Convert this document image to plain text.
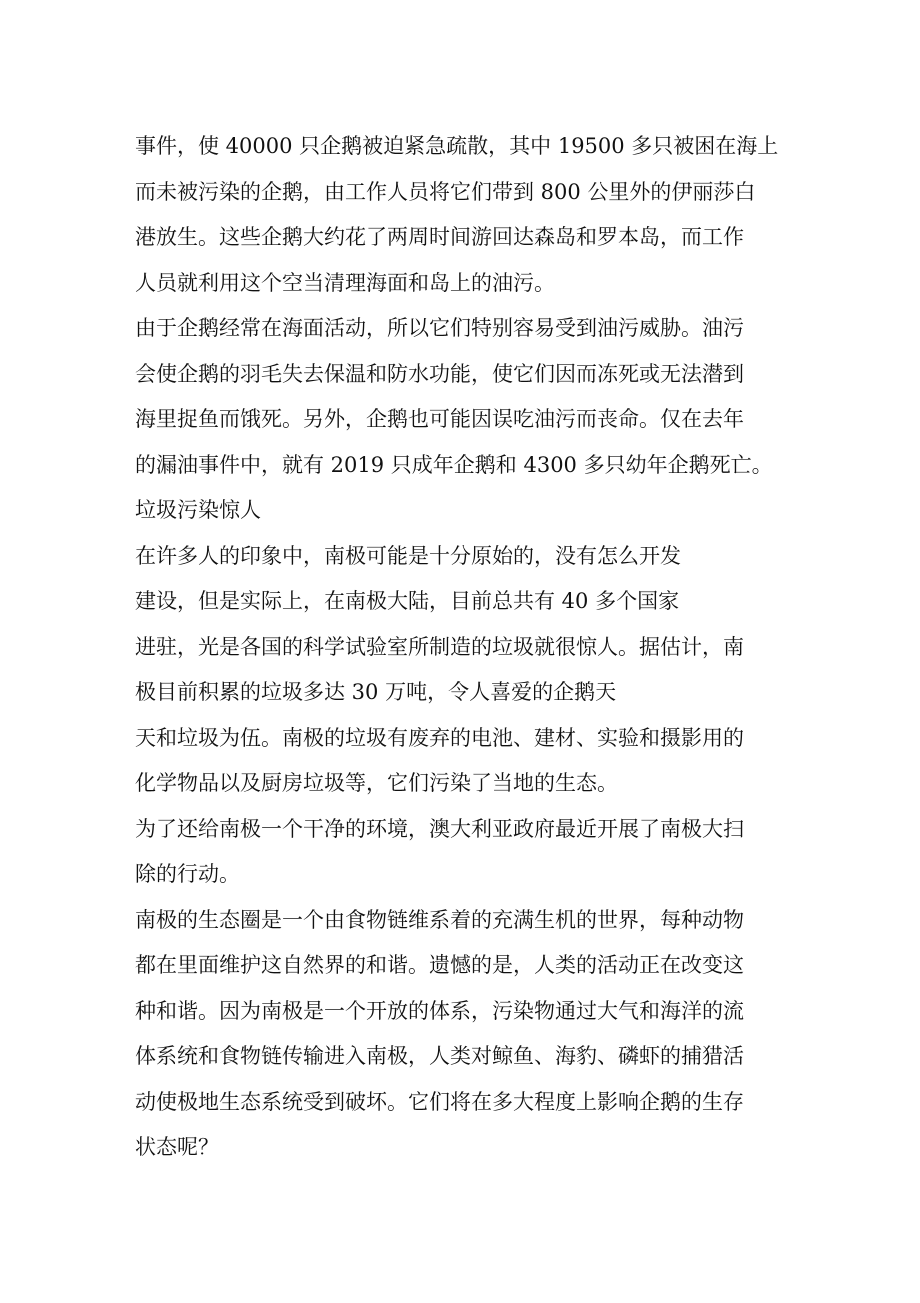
事件，使 40000 只企鹅被迫紧急疏散，其中 19500 多只被困在海上
而未被污染的企鹅，由工作人员将它们带到 800 公里外的伊丽莎白
港放生。这些企鹅大约花了两周时间游回达森岛和罗本岛，而工作
人员就利用这个空当清理海面和岛上的油污。
由于企鹅经常在海面活动，所以它们特别容易受到油污威胁。油污
会使企鹅的羽毛失去保温和防水功能，使它们因而冻死或无法潜到
海里捉鱼而饿死。另外，企鹅也可能因误吃油污而丧命。仅在去年
的漏油事件中，就有 2019 只成年企鹅和 4300 多只幼年企鹅死亡。
垃圾污染惊人
在许多人的印象中，南极可能是十分原始的，没有怎么开发
建设，但是实际上，在南极大陆，目前总共有 40 多个国家
进驻，光是各国的科学试验室所制造的垃圾就很惊人。据估计，南
极目前积累的垃圾多达 30 万吨，令人喜爱的企鹅天
天和垃圾为伍。南极的垃圾有废弃的电池、建材、实验和摄影用的
化学物品以及厨房垃圾等，它们污染了当地的生态。
为了还给南极一个干净的环境，澳大利亚政府最近开展了南极大扫
除的行动。
南极的生态圈是一个由食物链维系着的充满生机的世界，每种动物
都在里面维护这自然界的和谐。遗憾的是，人类的活动正在改变这
种和谐。因为南极是一个开放的体系，污染物通过大气和海洋的流
体系统和食物链传输进入南极，人类对鲸鱼、海豹、磷虾的捕猎活
动使极地生态系统受到破坏。它们将在多大程度上影响企鹅的生存
状态呢？
